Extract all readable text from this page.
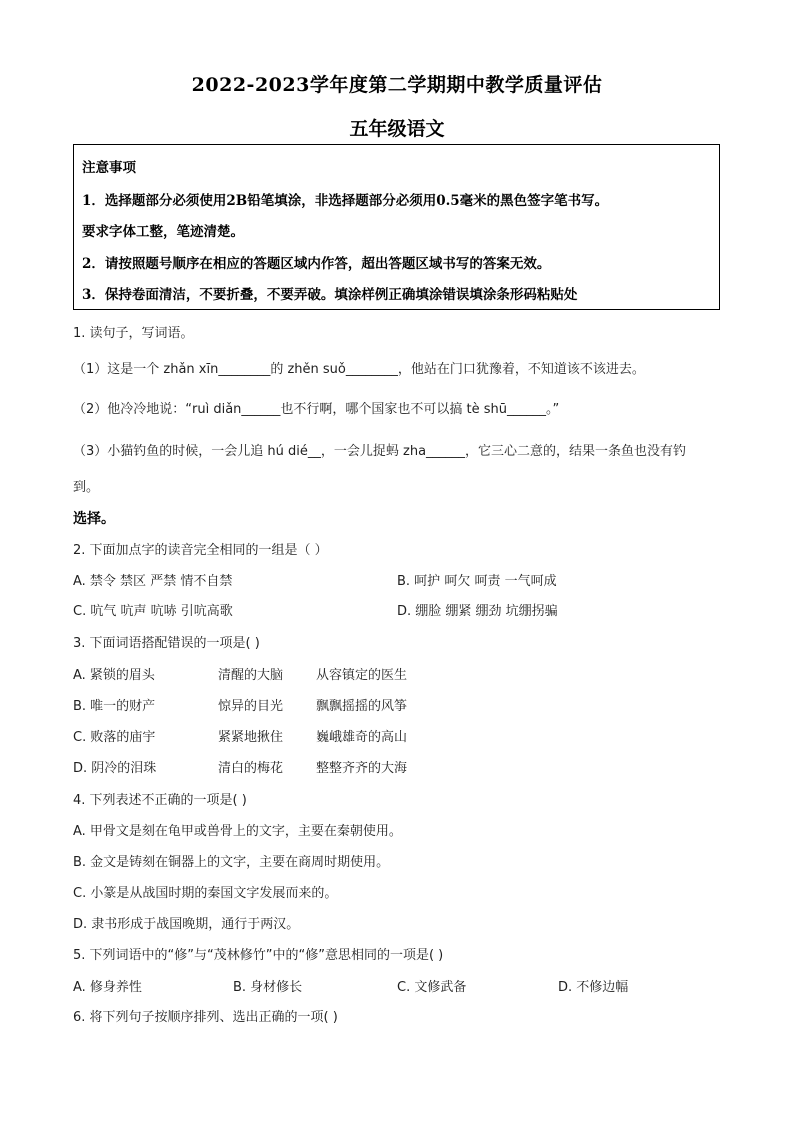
2022-2023学年度第二学期期中教学质量评估
五年级语文
注意事项
1．选择题部分必须使用2B铅笔填涂，非选择题部分必须用0.5毫米的黑色签字笔书写。
要求字体工整，笔迹清楚。
2．请按照题号顺序在相应的答题区域内作答，超出答题区域书写的答案无效。
3．保持卷面清洁，不要折叠，不要弄破。填涂样例正确填涂错误填涂条形码粘贴处
1. 读句子，写词语。
（1）这是一个 zhǎn xīn________的 zhěn suǒ________，他站在门口犹豫着，不知道该不该进去。
（2）他冷冷地说：“ruì diǎn______也不行啊，哪个国家也不可以搞 tè shū______。”
（3）小猫钓鱼的时候，一会儿追 hú dié__，一会儿捉蚂 zha______，它三心二意的，结果一条鱼也没有钓
到。
选择。
2. 下面加点字的读音完全相同的一组是（ ）
A. 禁令 禁区 严禁 情不自禁	B. 呵护 呵欠 呵责 一气呵成
C. 吭气 吭声 吭哧 引吭高歌	D. 绷脸 绷紧 绷劲 坑绷拐骗
3. 下面词语搭配错误的一项是( )
A. 紧锁的眉头	清醒的大脑	从容镇定的医生
B. 唯一的财产	惊异的目光	飘飘摇摇的风筝
C. 败落的庙宇	紧紧地揪住	巍峨雄奇的高山
D. 阴冷的泪珠	清白的梅花	整整齐齐的大海
4. 下列表述不正确的一项是( )
A. 甲骨文是刻在龟甲或兽骨上的文字，主要在秦朝使用。
B. 金文是铸刻在铜器上的文字，主要在商周时期使用。
C. 小篆是从战国时期的秦国文字发展而来的。
D. 隶书形成于战国晚期，通行于两汉。
5. 下列词语中的“修”与“茂林修竹”中的“修”意思相同的一项是( )
A. 修身养性	B. 身材修长	C. 文修武备	D. 不修边幅
6. 将下列句子按顺序排列、选出正确的一项( )
